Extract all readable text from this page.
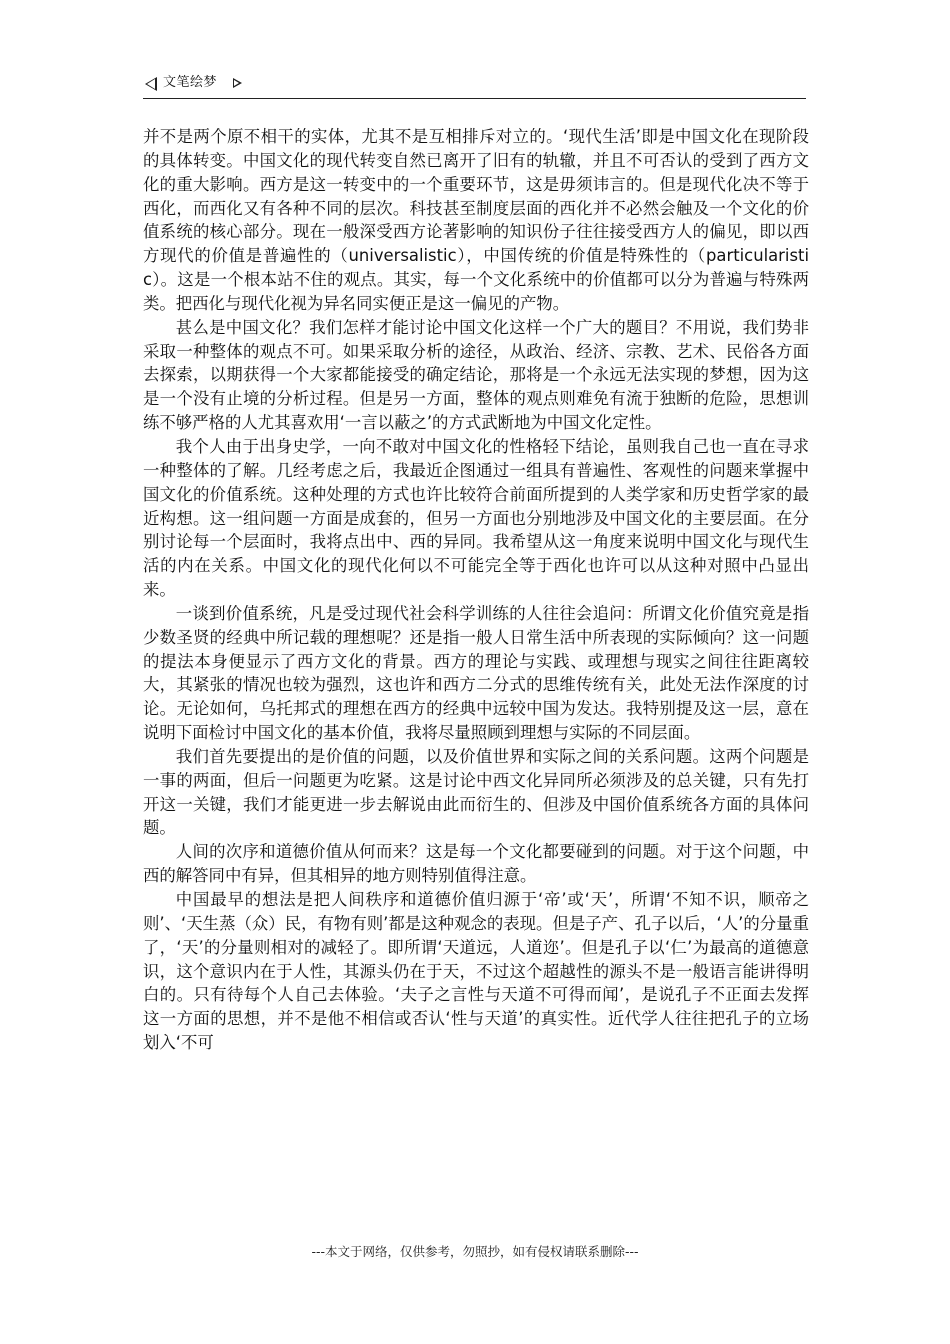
文笔绘梦

并不是两个原不相干的实体，尤其不是互相排斥对立的。‘现代生活’即是中国文化在现阶段的具体转变。中国文化的现代转变自然已离开了旧有的轨辙，并且不可否认的受到了西方文化的重大影响。西方是这一转变中的一个重要环节，这是毋须讳言的。但是现代化决不等于西化，而西化又有各种不同的层次。科技甚至制度层面的西化并不必然会触及一个文化的价值系统的核心部分。现在一般深受西方论著影响的知识份子往往接受西方人的偏见，即以西方现代的价值是普遍性的（universalistic），中国传统的价值是特殊性的（particularistic）。这是一个根本站不住的观点。其实，每一个文化系统中的价值都可以分为普遍与特殊两类。把西化与现代化视为异名同实便正是这一偏见的产物。

甚么是中国文化？我们怎样才能讨论中国文化这样一个广大的题目？不用说，我们势非采取一种整体的观点不可。如果采取分析的途径，从政治、经济、宗教、艺术、民俗各方面去探索，以期获得一个大家都能接受的确定结论，那将是一个永远无法实现的梦想，因为这是一个没有止境的分析过程。但是另一方面，整体的观点则难免有流于独断的危险，思想训练不够严格的人尤其喜欢用‘一言以蔽之’的方式武断地为中国文化定性。

我个人由于出身史学，一向不敢对中国文化的性格轻下结论，虽则我自己也一直在寻求一种整体的了解。几经考虑之后，我最近企图通过一组具有普遍性、客观性的问题来掌握中国文化的价值系统。这种处理的方式也许比较符合前面所提到的人类学家和历史哲学家的最近构想。这一组问题一方面是成套的，但另一方面也分别地涉及中国文化的主要层面。在分别讨论每一个层面时，我将点出中、西的异同。我希望从这一角度来说明中国文化与现代生活的内在关系。中国文化的现代化何以不可能完全等于西化也许可以从这种对照中凸显出来。

一谈到价值系统，凡是受过现代社会科学训练的人往往会追问：所谓文化价值究竟是指少数圣贤的经典中所记载的理想呢？还是指一般人日常生活中所表现的实际倾向？这一问题的提法本身便显示了西方文化的背景。西方的理论与实践、或理想与现实之间往往距离较大，其紧张的情况也较为强烈，这也许和西方二分式的思维传统有关，此处无法作深度的讨论。无论如何，乌托邦式的理想在西方的经典中远较中国为发达。我特别提及这一层，意在说明下面检讨中国文化的基本价值，我将尽量照顾到理想与实际的不同层面。

我们首先要提出的是价值的问题，以及价值世界和实际之间的关系问题。这两个问题是一事的两面，但后一问题更为吃紧。这是讨论中西文化异同所必须涉及的总关键，只有先打开这一关键，我们才能更进一步去解说由此而衍生的、但涉及中国价值系统各方面的具体问题。

人间的次序和道德价值从何而来？这是每一个文化都要碰到的问题。对于这个问题，中西的解答同中有异，但其相异的地方则特别值得注意。

中国最早的想法是把人间秩序和道德价值归源于‘帝’或‘天’，所谓‘不知不识，顺帝之则’、‘天生蒸（众）民，有物有则’都是这种观念的表现。但是子产、孔子以后，‘人’的分量重了，‘天’的分量则相对的减轻了。即所谓‘天道远，人道迩’。但是孔子以‘仁’为最高的道德意识，这个意识内在于人性，其源头仍在于天，不过这个超越性的源头不是一般语言能讲得明白的。只有待每个人自己去体验。‘夫子之言性与天道不可得而闻’，是说孔子不正面去发挥这一方面的思想，并不是他不相信或否认‘性与天道’的真实性。近代学人往往把孔子的立场划入‘不可

---本文于网络，仅供参考，勿照抄，如有侵权请联系删除---
